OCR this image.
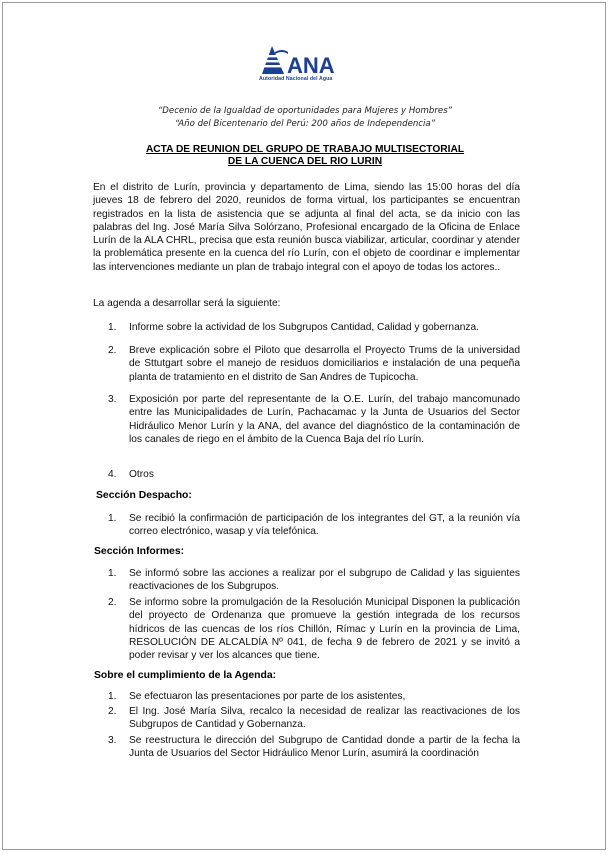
ANA
Autoridad Nacional del Agua
“Decenio de la Igualdad de oportunidades para Mujeres y Hombres”
“Año del Bicentenario del Perú: 200 años de Independencia”
ACTA DE REUNION DEL GRUPO DE TRABAJO MULTISECTORIAL
DE LA CUENCA DEL RIO LURIN
En el distrito de Lurín, provincia y departamento de Lima, siendo las 15:00 horas del día jueves 18 de febrero del 2020, reunidos de forma virtual, los participantes se encuentran registrados en la lista de asistencia que se adjunta al final del acta, se da inicio con las palabras del Ing. José María Silva Solórzano, Profesional encargado de la Oficina de Enlace Lurín de la ALA CHRL, precisa que esta reunión busca viabilizar, articular, coordinar y atender la problemática presente en la cuenca del río Lurín, con el objeto de coordinar e implementar las intervenciones mediante un plan de trabajo integral con el apoyo de todas los actores..
La agenda a desarrollar será la siguiente:
1.	Informe sobre la actividad de los Subgrupos Cantidad, Calidad y gobernanza.
2.	Breve explicación sobre el Piloto que desarrolla el Proyecto Trums de la universidad de Sttutgart sobre el manejo de residuos domiciliarios e instalación de una pequeña planta de tratamiento en el distrito de San Andres de Tupicocha.
3.	Exposición por parte del representante de la O.E. Lurín, del trabajo mancomunado entre las Municipalidades de Lurín, Pachacamac y la Junta de Usuarios del Sector Hidráulico Menor Lurín y la ANA, del avance del diagnóstico de la contaminación de los canales de riego en el ámbito de la Cuenca Baja del río Lurín.
4.	Otros
Sección Despacho:
1.	Se recibió la confirmación de participación de los integrantes del GT, a la reunión vía correo electrónico, wasap y vía telefónica.
Sección Informes:
1.	Se informó sobre las acciones a realizar por el subgrupo de Calidad y las siguientes reactivaciones de los Subgrupos.
2.	Se informo sobre la promulgación de la Resolución Municipal Disponen la publicación del proyecto de Ordenanza que promueve la gestión integrada de los recursos hídricos de las cuencas de los ríos Chillón, Rímac y Lurín en la provincia de Lima, RESOLUCIÓN DE ALCALDÍA Nº 041, de fecha 9 de febrero de 2021 y se invitó a poder revisar y ver los alcances que tiene.
Sobre el cumplimiento de la Agenda:
1.	Se efectuaron las presentaciones por parte de los asistentes,
2.	El Ing. José María Silva, recalco la necesidad de realizar las reactivaciones de los Subgrupos de Cantidad y Gobernanza.
3.	Se reestructura le dirección del Subgrupo de Cantidad donde a partir de la fecha la Junta de Usuarios del Sector Hidráulico Menor Lurín, asumirá la coordinación
